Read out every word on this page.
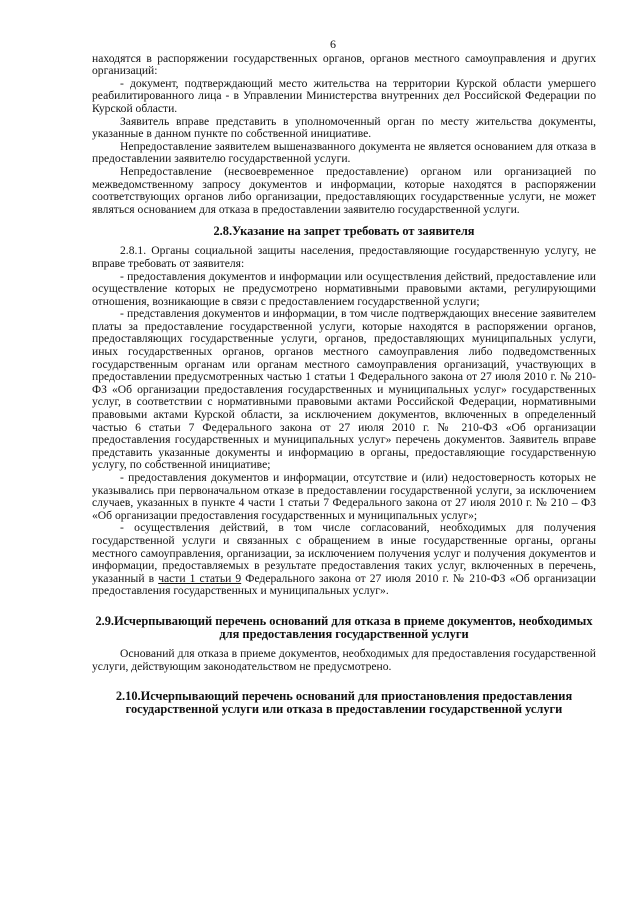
6

находятся в распоряжении государственных органов, органов местного самоуправления и других организаций:

- документ, подтверждающий место жительства на территории Курской области умершего реабилитированного лица - в Управлении Министерства внутренних дел Российской Федерации по Курской области.

Заявитель вправе представить в уполномоченный орган по месту жительства документы, указанные в данном пункте по собственной инициативе.

Непредоставление заявителем вышеназванного документа не является основанием для отказа в предоставлении заявителю государственной услуги.

Непредоставление (несвоевременное предоставление) органом или организацией по межведомственному запросу документов и информации, которые находятся в распоряжении соответствующих органов либо организации, предоставляющих государственные услуги, не может являться основанием для отказа в предоставлении заявителю государственной услуги.

2.8.Указание на запрет требовать от заявителя

2.8.1. Органы социальной защиты населения, предоставляющие государственную услугу, не вправе требовать от заявителя:

- предоставления документов и информации или осуществления действий, предоставление или осуществление которых не предусмотрено нормативными правовыми актами, регулирующими отношения, возникающие в связи с предоставлением государственной услуги;

- представления документов и информации, в том числе подтверждающих внесение заявителем платы за предоставление государственной услуги, которые находятся в распоряжении органов, предоставляющих государственные услуги, органов, предоставляющих муниципальных услуги, иных государственных органов, органов местного самоуправления либо подведомственных государственным органам или органам местного самоуправления организаций, участвующих в предоставлении предусмотренных частью 1 статьи 1 Федерального закона от 27 июля 2010 г. № 210-ФЗ «Об организации предоставления государственных и муниципальных услуг» государственных услуг, в соответствии с нормативными правовыми актами Российской Федерации, нормативными правовыми актами Курской области, за исключением документов, включенных в определенный частью 6 статьи 7 Федерального закона от 27 июля 2010 г. № 210-ФЗ «Об организации предоставления государственных и муниципальных услуг» перечень документов. Заявитель вправе представить указанные документы и информацию в органы, предоставляющие государственную услугу, по собственной инициативе;

- предоставления документов и информации, отсутствие и (или) недостоверность которых не указывались при первоначальном отказе в предоставлении государственной услуги, за исключением случаев, указанных в пункте 4 части 1 статьи 7 Федерального закона от 27 июля 2010 г. № 210 – ФЗ «Об организации предоставления государственных и муниципальных услуг»;

- осуществления действий, в том числе согласований, необходимых для получения государственной услуги и связанных с обращением в иные государственные органы, органы местного самоуправления, организации, за исключением получения услуг и получения документов и информации, предоставляемых в результате предоставления таких услуг, включенных в перечень, указанный в части 1 статьи 9 Федерального закона от 27 июля 2010 г. № 210-ФЗ «Об организации предоставления государственных и муниципальных услуг».

2.9.Исчерпывающий перечень оснований для отказа в приеме документов, необходимых для предоставления государственной услуги

Оснований для отказа в приеме документов, необходимых для предоставления государственной услуги, действующим законодательством не предусмотрено.

2.10.Исчерпывающий перечень оснований для приостановления предоставления государственной услуги или отказа в предоставлении государственной услуги
